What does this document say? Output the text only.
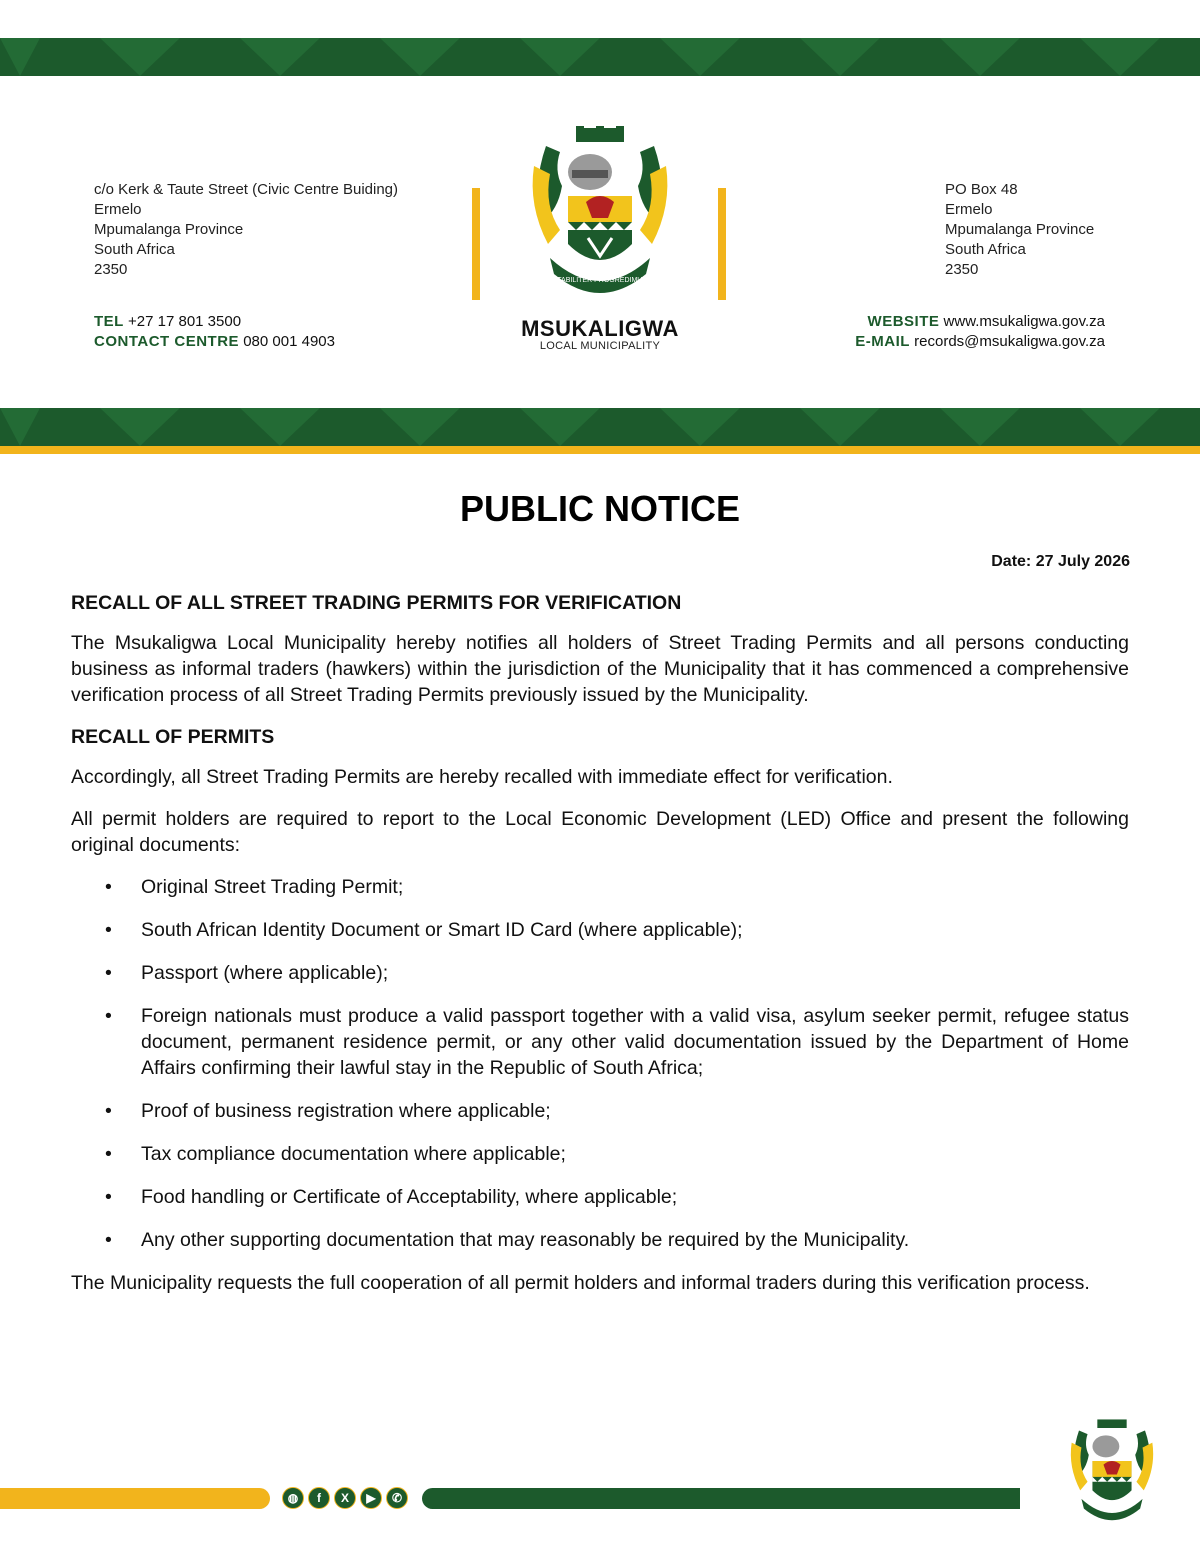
c/o Kerk & Taute Street (Civic Centre Buiding)
Ermelo
Mpumalanga Province
South Africa
2350
PO Box 48
Ermelo
Mpumalanga Province
South Africa
2350
TEL +27 17 801 3500
CONTACT CENTRE 080 001 4903
WEBSITE www.msukaligwa.gov.za
E-MAIL records@msukaligwa.gov.za
STABILITER PROGREDIMUR
MSUKALIGWA
LOCAL MUNICIPALITY
PUBLIC NOTICE
Date: 27 July 2026
RECALL OF ALL STREET TRADING PERMITS FOR VERIFICATION

The Msukaligwa Local Municipality hereby notifies all holders of Street Trading Permits and all persons conducting business as informal traders (hawkers) within the jurisdiction of the Municipality that it has commenced a comprehensive verification process of all Street Trading Permits previously issued by the Municipality.

RECALL OF PERMITS

Accordingly, all Street Trading Permits are hereby recalled with immediate effect for verification.

All permit holders are required to report to the Local Economic Development (LED) Office and present the following original documents:

• Original Street Trading Permit;
• South African Identity Document or Smart ID Card (where applicable);
• Passport (where applicable);
• Foreign nationals must produce a valid passport together with a valid visa, asylum seeker permit, refugee status document, permanent residence permit, or any other valid documentation issued by the Department of Home Affairs confirming their lawful stay in the Republic of South Africa;
• Proof of business registration where applicable;
• Tax compliance documentation where applicable;
• Food handling or Certificate of Acceptability, where applicable;
• Any other supporting documentation that may reasonably be required by the Municipality.

The Municipality requests the full cooperation of all permit holders and informal traders during this verification process.

◍	f	X	▶	✆
